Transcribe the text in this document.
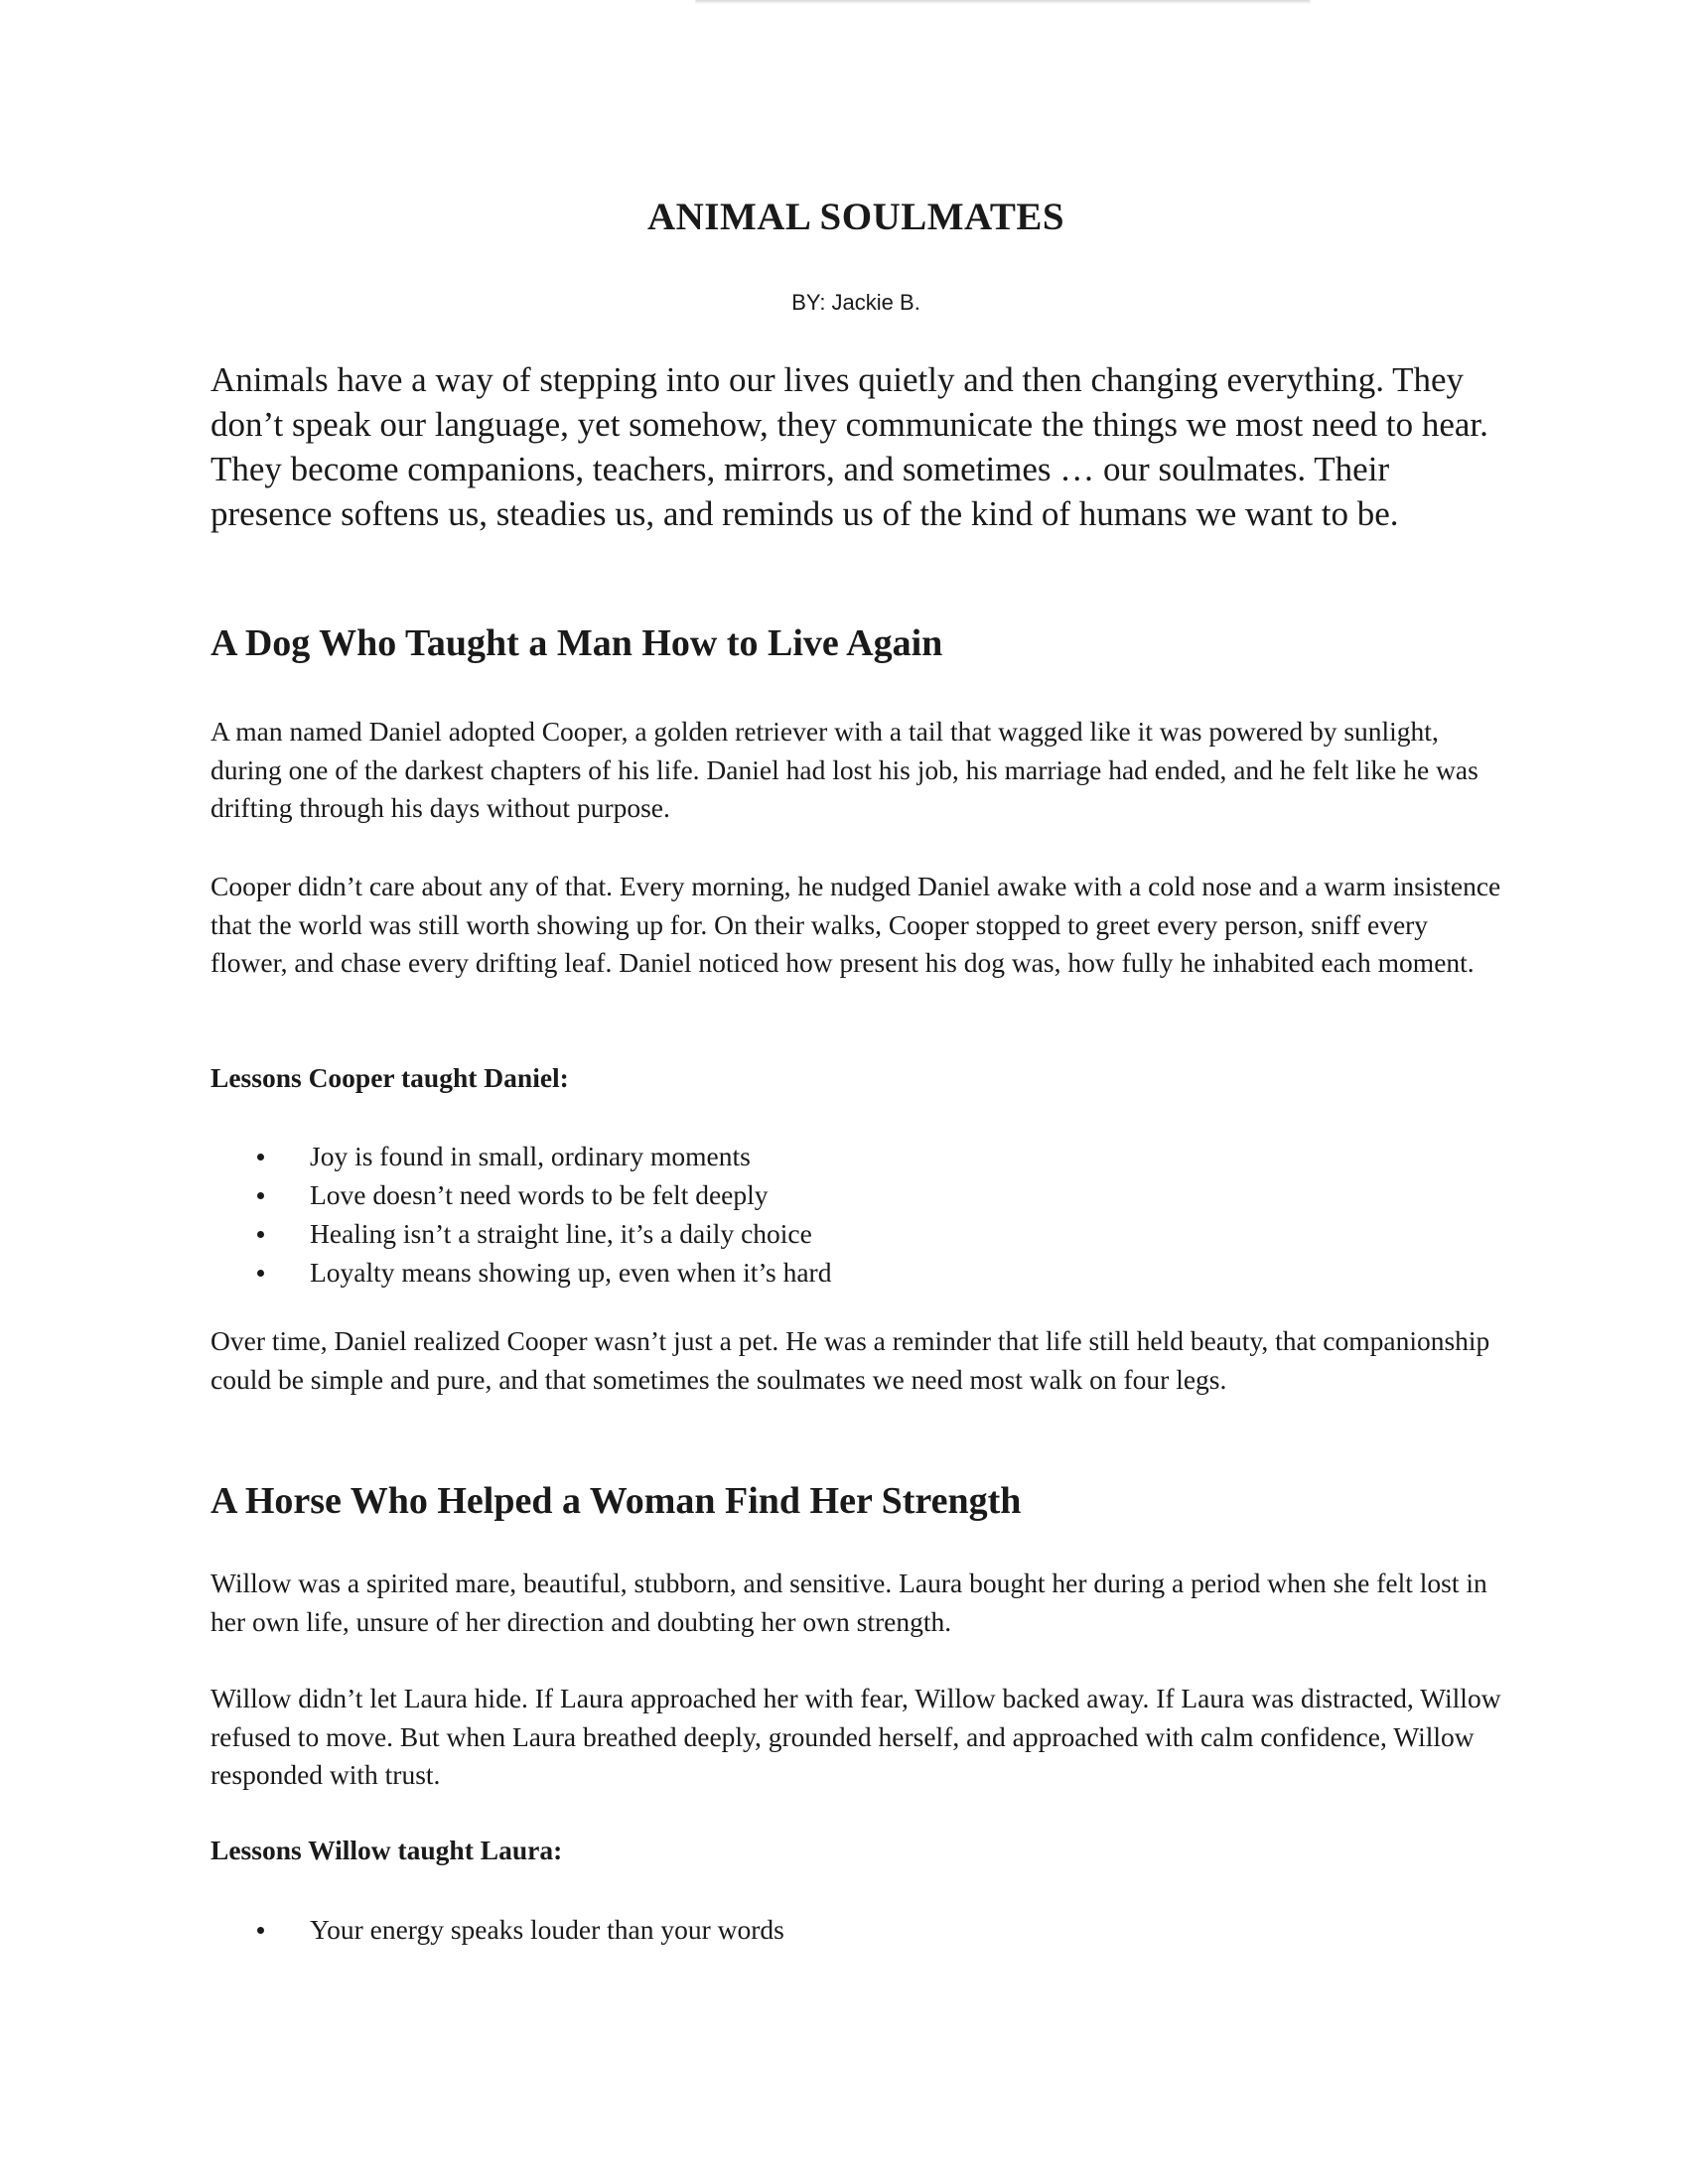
ANIMAL SOULMATES

BY: Jackie B.

Animals have a way of stepping into our lives quietly and then changing everything. They don’t speak our language, yet somehow, they communicate the things we most need to hear. They become companions, teachers, mirrors, and sometimes … our soulmates. Their presence softens us, steadies us, and reminds us of the kind of humans we want to be.

A Dog Who Taught a Man How to Live Again

A man named Daniel adopted Cooper, a golden retriever with a tail that wagged like it was powered by sunlight, during one of the darkest chapters of his life. Daniel had lost his job, his marriage had ended, and he felt like he was drifting through his days without purpose.

Cooper didn’t care about any of that. Every morning, he nudged Daniel awake with a cold nose and a warm insistence that the world was still worth showing up for. On their walks, Cooper stopped to greet every person, sniff every flower, and chase every drifting leaf. Daniel noticed how present his dog was, how fully he inhabited each moment.

Lessons Cooper taught Daniel:

Joy is found in small, ordinary moments
Love doesn’t need words to be felt deeply
Healing isn’t a straight line, it’s a daily choice
Loyalty means showing up, even when it’s hard

Over time, Daniel realized Cooper wasn’t just a pet. He was a reminder that life still held beauty, that companionship could be simple and pure, and that sometimes the soulmates we need most walk on four legs.

A Horse Who Helped a Woman Find Her Strength

Willow was a spirited mare, beautiful, stubborn, and sensitive. Laura bought her during a period when she felt lost in her own life, unsure of her direction and doubting her own strength.

Willow didn’t let Laura hide. If Laura approached her with fear, Willow backed away. If Laura was distracted, Willow refused to move. But when Laura breathed deeply, grounded herself, and approached with calm confidence, Willow responded with trust.

Lessons Willow taught Laura:

Your energy speaks louder than your words
